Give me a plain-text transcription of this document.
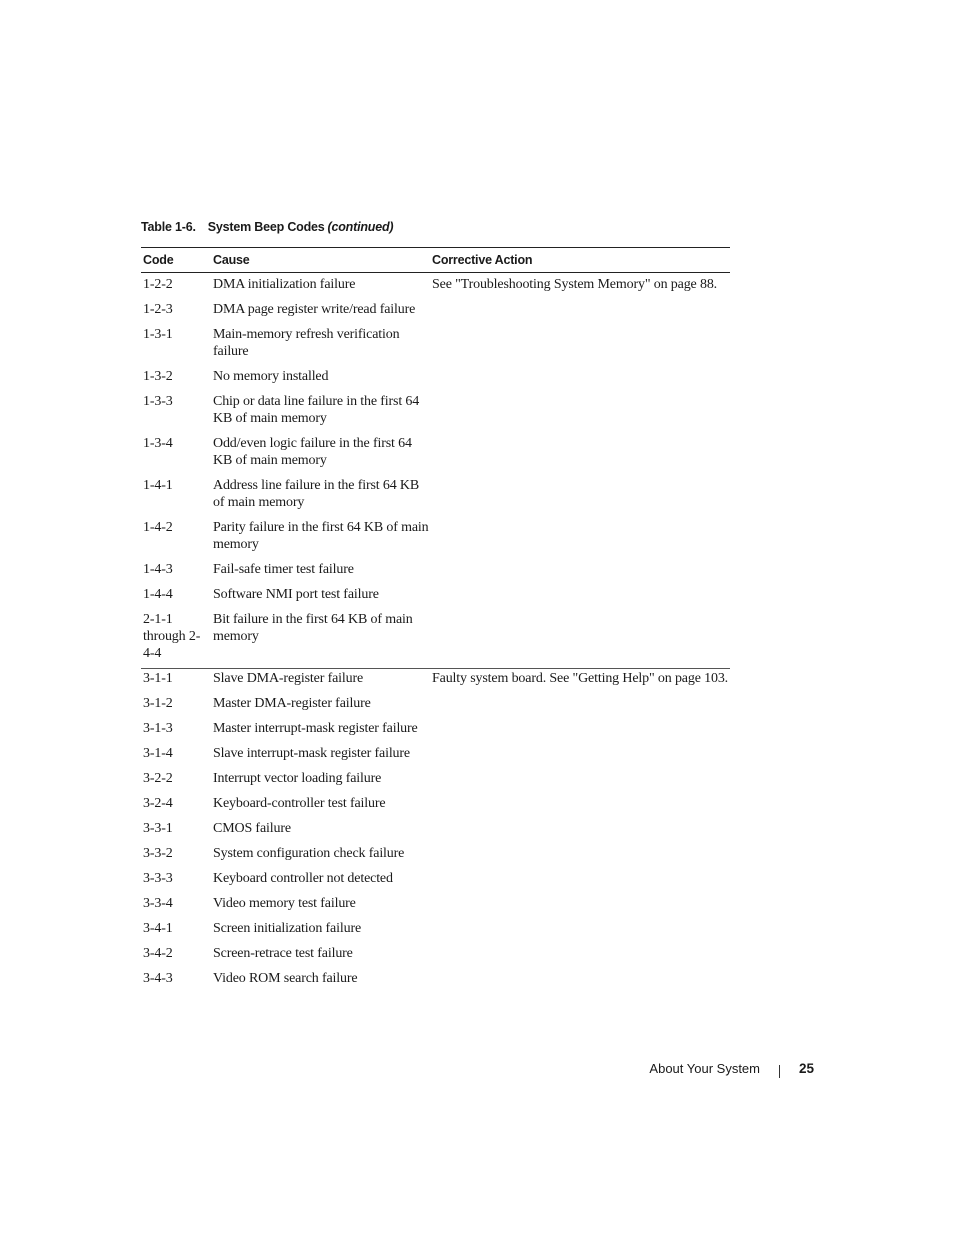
Table 1-6. System Beep Codes (continued)
Code	Cause	Corrective Action
1-2-2	DMA initialization failure	See "Troubleshooting System Memory" on page 88.
1-2-3	DMA page register write/read failure	
1-3-1	Main-memory refresh verification failure	
1-3-2	No memory installed	
1-3-3	Chip or data line failure in the first 64 KB of main memory	
1-3-4	Odd/even logic failure in the first 64 KB of main memory	
1-4-1	Address line failure in the first 64 KB of main memory	
1-4-2	Parity failure in the first 64 KB of main memory	
1-4-3	Fail-safe timer test failure	
1-4-4	Software NMI port test failure	
2-1-1 through 2-4-4	Bit failure in the first 64 KB of main memory	
3-1-1	Slave DMA-register failure	Faulty system board. See "Getting Help" on page 103.
3-1-2	Master DMA-register failure	
3-1-3	Master interrupt-mask register failure	
3-1-4	Slave interrupt-mask register failure	
3-2-2	Interrupt vector loading failure	
3-2-4	Keyboard-controller test failure	
3-3-1	CMOS failure	
3-3-2	System configuration check failure	
3-3-3	Keyboard controller not detected	
3-3-4	Video memory test failure	
3-4-1	Screen initialization failure	
3-4-2	Screen-retrace test failure	
3-4-3	Video ROM search failure	
About Your System	25
